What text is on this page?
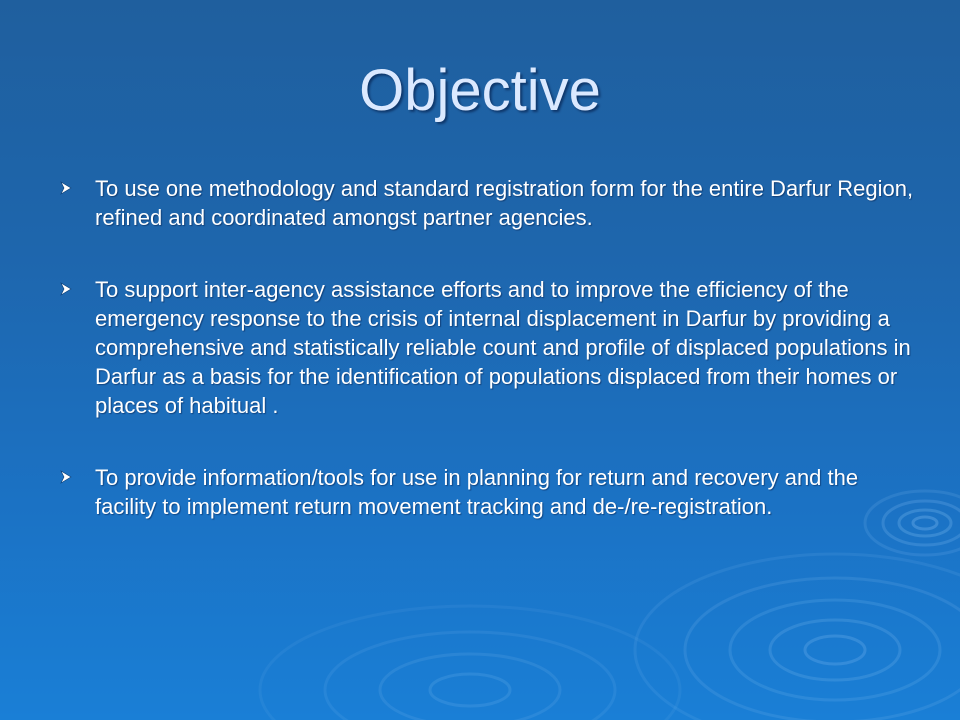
Objective
To use one methodology and standard registration form for the entire Darfur Region, refined and coordinated amongst partner agencies.
To support inter-agency assistance efforts and to improve the efficiency of the emergency response to the crisis of internal displacement in Darfur by providing a comprehensive and statistically reliable count and profile of displaced populations in Darfur as a basis for the identification of populations displaced from their homes or places of habitual .
To provide information/tools for use in planning for return and recovery and the facility to implement return movement tracking and de-/re-registration.
